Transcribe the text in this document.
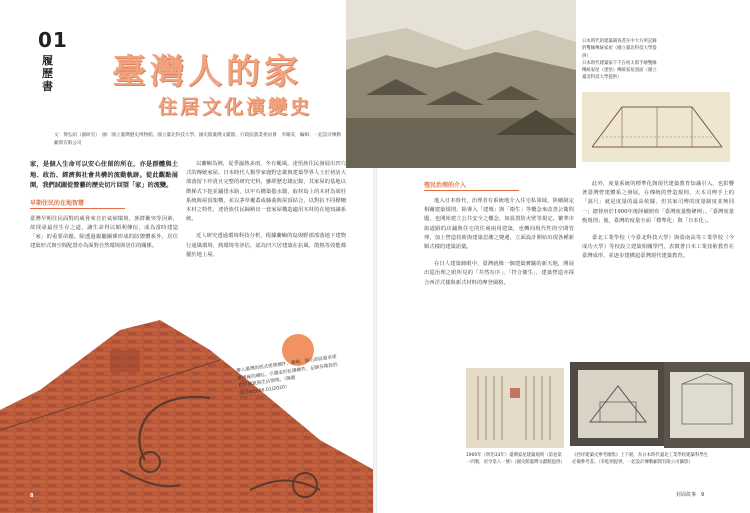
01
履歷書 臺灣人的家
住居文化演變史
文：傅弘紹（副研究）　圖：國立臺灣歷史博物館、國立臺北科技大學、國史館臺灣文獻館、行政院農業委員會　李剛美　編輯：一起設計傳動顧問有限公司
家，是個人生命可以安心住留的所在，亦是群體與土地、政治、經濟與社會共構的流動軌跡。從此觀點展開，我們試圖從營藝的歷史切片回望「家」的流變。
早期住民的在地智慧
臺灣早期住民面對的威脅來自於氣候環境、族群衝突等因素，故找尋最佳生存之道，讓生命得以順利傳衍，成為當時建造「家」的重要命題。除透過親屬關係形成的防禦體系外，居住建築形式與空間配置亦為面對自然環境與居住的關係。
以蘭嶼為例，夏季濕熱多雨，冬有颱風，達悟族住民發展出凹穴式的傳統家屋。日本時代人類學家鹿野忠雄與建築學界人士於初訪大部落留下珍貴且完整的研究史料，雖經歷忠雄記錄，其家屋的基地以階梯式下挖並鋪排水路，以牢石構築擋水牆，取材島上的木材為梁柱系統與屋頂架構，並以茅草覆蓋或藤曲與屋頂結合，以對抗不同樑柵木材之特性，達悟族住民歸納出一套家屋構造適用木材的在地知識系統。
近人研究透過環境科技分析，根據蘭嶼的島與野部部落地下建物行通風環境、熱環境等評估，認為凹穴居建築在抗風、散熱等效能都優於地上屋。
傳入臺灣的西式建築構件，蘭嶼、族山部區臺承建築傳統的磚紅、引牆家形紅磚構件，記錄各階段的居住風貌與生活情境。（陳健堯/2005.06.01/2020）
8
日本時代的建築調查者在中大方所記錄的雙緣傳統家屋（國立臺北科技大學提供）
日本時代建築家千千在初太郎手繪雙緣傳統家屋（達悟）傳統家屋剖面（國立臺北科技大學提供）
殖民治理的介入
進入日本時代，治理者有系統地介入住宅私領域，陸續制定相關建築規則，除導入「建城」與「衛生」等概念來改善公衛問題，也開始建立公共安全之概念，如設置防火壁等規定。繁華市街道路的店鋪與住宅的住商兩用建築，也轉向現代性的空間管理，加上營造技術與建築思潮之變遷，立面設計開始出現各種新穎式樣的建築語彙。
在日人建築師眼中，臺灣就像一個建築實驗的新天地，開展出從治理之眼所見的「井然有序」、「符合衛生」，建築營造亦採合西洋式樣與新式材料的摩登風格。
此外，度量系統的標準化與現代建築教育知識引入，也影響著臺灣營建體系之發展。在傳統的營造規則，大木司傅手上的「篙尺」就是度量的最高依據，但其家司傅的度量制度並無同一；總督府於1900年後陸續頒布「臺灣度量衡條例」、「臺灣度量衡規則」後，臺灣的度量全面「標準化」與「日本化」。
臺北工業學校（今臺北科技大學）與臺南高等工業學校（今成功大學）等校設立建築相關學門，表徵著日本工業技術教育在臺灣成形，並逐步建構起臺灣現代建築教育。
1900年（明治33年）臺灣家屋建築規則（第卷第一四號，府令第八一號）（國史館臺灣文獻館提供）
《西洋建築史參考圖集》上下冊，為日本時代臺北工業學校建築科學生必備參考書。（李乾朗提供，一起設計傳動顧問有限公司攝影）
封面故事　9
